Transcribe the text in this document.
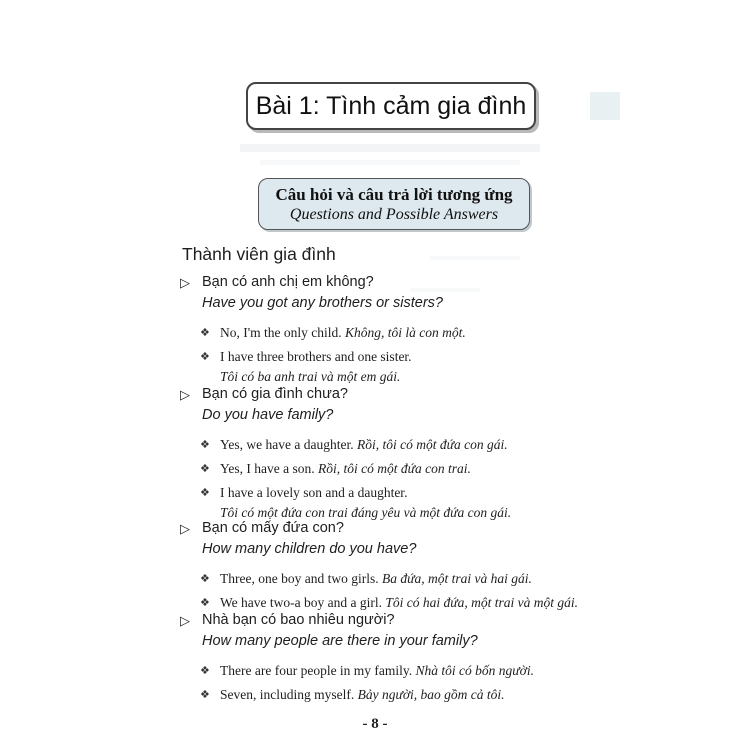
Bài 1: Tình cảm gia đình
Câu hỏi và câu trả lời tương ứng
Questions and Possible Answers
Thành viên gia đình
▷ Bạn có anh chị em không?
Have you got any brothers or sisters?
❖ No, I'm the only child. Không, tôi là con một.
❖ I have three brothers and one sister.
Tôi có ba anh trai và một em gái.
▷ Bạn có gia đình chưa?
Do you have family?
❖ Yes, we have a daughter. Rồi, tôi có một đứa con gái.
❖ Yes, I have a son. Rồi, tôi có một đứa con trai.
❖ I have a lovely son and a daughter.
Tôi có một đứa con trai đáng yêu và một đứa con gái.
▷ Bạn có mấy đứa con?
How many children do you have?
❖ Three, one boy and two girls. Ba đứa, một trai và hai gái.
❖ We have two-a boy and a girl. Tôi có hai đứa, một trai và một gái.
▷ Nhà bạn có bao nhiêu người?
How many people are there in your family?
❖ There are four people in my family. Nhà tôi có bốn người.
❖ Seven, including myself. Bảy người, bao gồm cả tôi.
- 8 -
